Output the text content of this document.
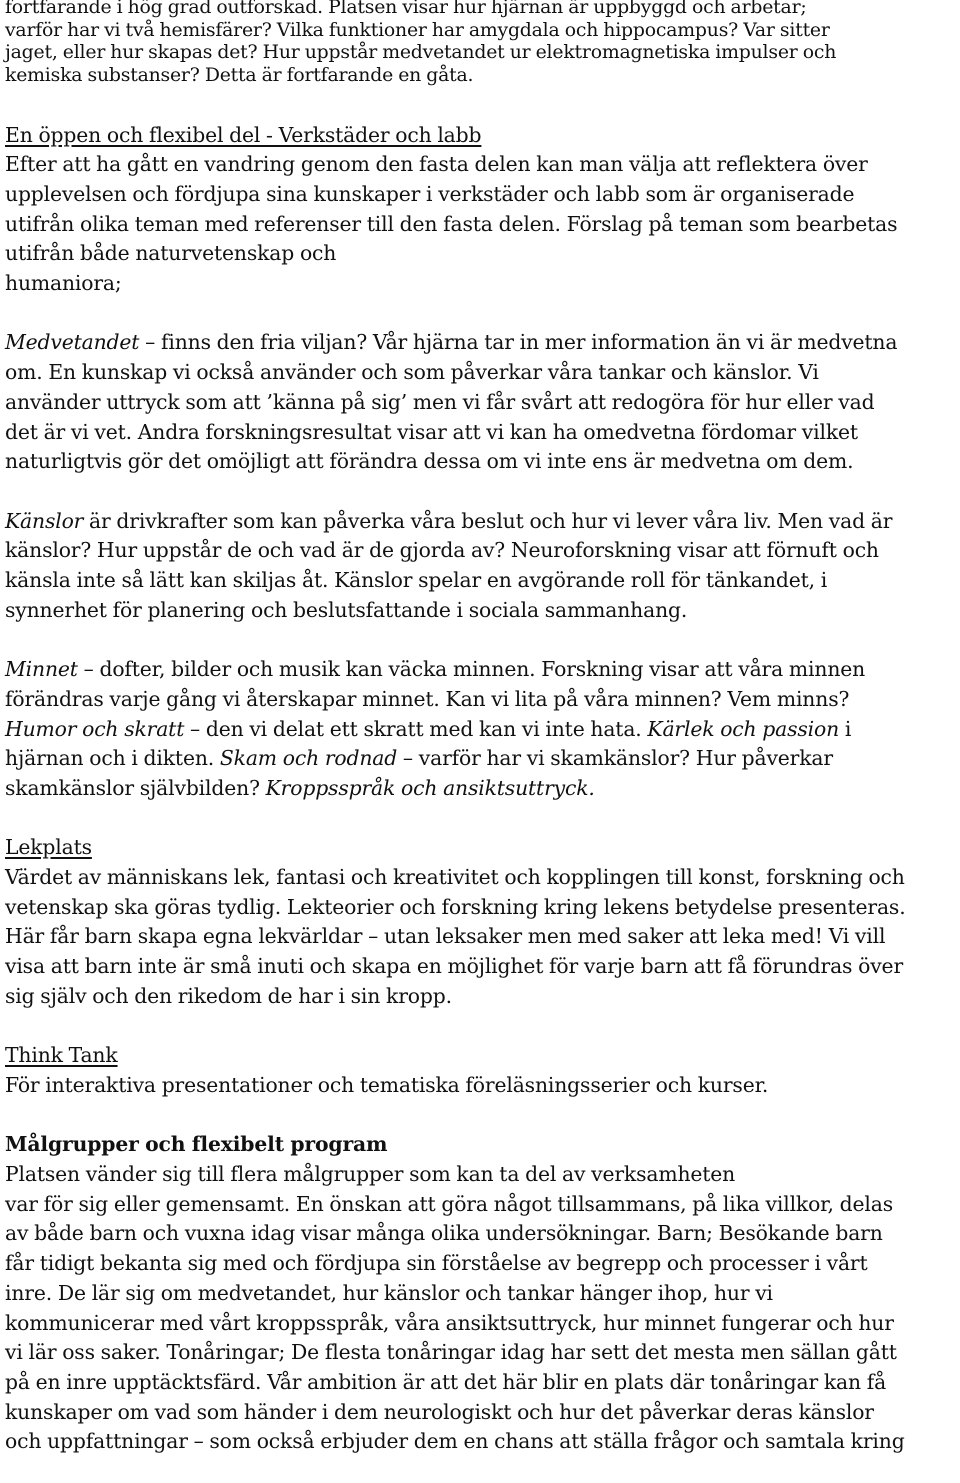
fortfarande i hög grad outforskad. Platsen visar hur hjärnan är uppbyggd och arbetar;

varför har vi två hemisfärer? Vilka funktioner har amygdala och hippocampus? Var sitter

jaget, eller hur skapas det? Hur uppstår medvetandet ur elektromagnetiska impulser och

kemiska substanser? Detta är fortfarande en gåta.

En öppen och flexibel del - Verkstäder och labb

Efter att ha gått en vandring genom den fasta delen kan man välja att reflektera över

upplevelsen och fördjupa sina kunskaper i verkstäder och labb som är organiserade

utifrån olika teman med referenser till den fasta delen. Förslag på teman som bearbetas

utifrån både naturvetenskap och

humaniora;

Medvetandet – finns den fria viljan? Vår hjärna tar in mer information än vi är medvetna

om. En kunskap vi också använder och som påverkar våra tankar och känslor. Vi

använder uttryck som att ’känna på sig’ men vi får svårt att redogöra för hur eller vad

det är vi vet. Andra forskningsresultat visar att vi kan ha omedvetna fördomar vilket

naturligtvis gör det omöjligt att förändra dessa om vi inte ens är medvetna om dem.

Känslor är drivkrafter som kan påverka våra beslut och hur vi lever våra liv. Men vad är

känslor? Hur uppstår de och vad är de gjorda av? Neuroforskning visar att förnuft och

känsla inte så lätt kan skiljas åt. Känslor spelar en avgörande roll för tänkandet, i

synnerhet för planering och beslutsfattande i sociala sammanhang.

Minnet – dofter, bilder och musik kan väcka minnen. Forskning visar att våra minnen

förändras varje gång vi återskapar minnet. Kan vi lita på våra minnen? Vem minns?

Humor och skratt – den vi delat ett skratt med kan vi inte hata. Kärlek och passion i

hjärnan och i dikten. Skam och rodnad – varför har vi skamkänslor? Hur påverkar

skamkänslor självbilden? Kroppsspråk och ansiktsuttryck.

Lekplats

Värdet av människans lek, fantasi och kreativitet och kopplingen till konst, forskning och

vetenskap ska göras tydlig. Lekteorier och forskning kring lekens betydelse presenteras.

Här får barn skapa egna lekvärldar – utan leksaker men med saker att leka med! Vi vill

visa att barn inte är små inuti och skapa en möjlighet för varje barn att få förundras över

sig själv och den rikedom de har i sin kropp.

Think Tank

För interaktiva presentationer och tematiska föreläsningsserier och kurser.

Målgrupper och flexibelt program

Platsen vänder sig till flera målgrupper som kan ta del av verksamheten

var för sig eller gemensamt. En önskan att göra något tillsammans, på lika villkor, delas

av både barn och vuxna idag visar många olika undersökningar. Barn; Besökande barn

får tidigt bekanta sig med och fördjupa sin förståelse av begrepp och processer i vårt

inre. De lär sig om medvetandet, hur känslor och tankar hänger ihop, hur vi

kommunicerar med vårt kroppsspråk, våra ansiktsuttryck, hur minnet fungerar och hur

vi lär oss saker. Tonåringar; De flesta tonåringar idag har sett det mesta men sällan gått

på en inre upptäcktsfärd. Vår ambition är att det här blir en plats där tonåringar kan få

kunskaper om vad som händer i dem neurologiskt och hur det påverkar deras känslor

och uppfattningar – som också erbjuder dem en chans att ställa frågor och samtala kring
